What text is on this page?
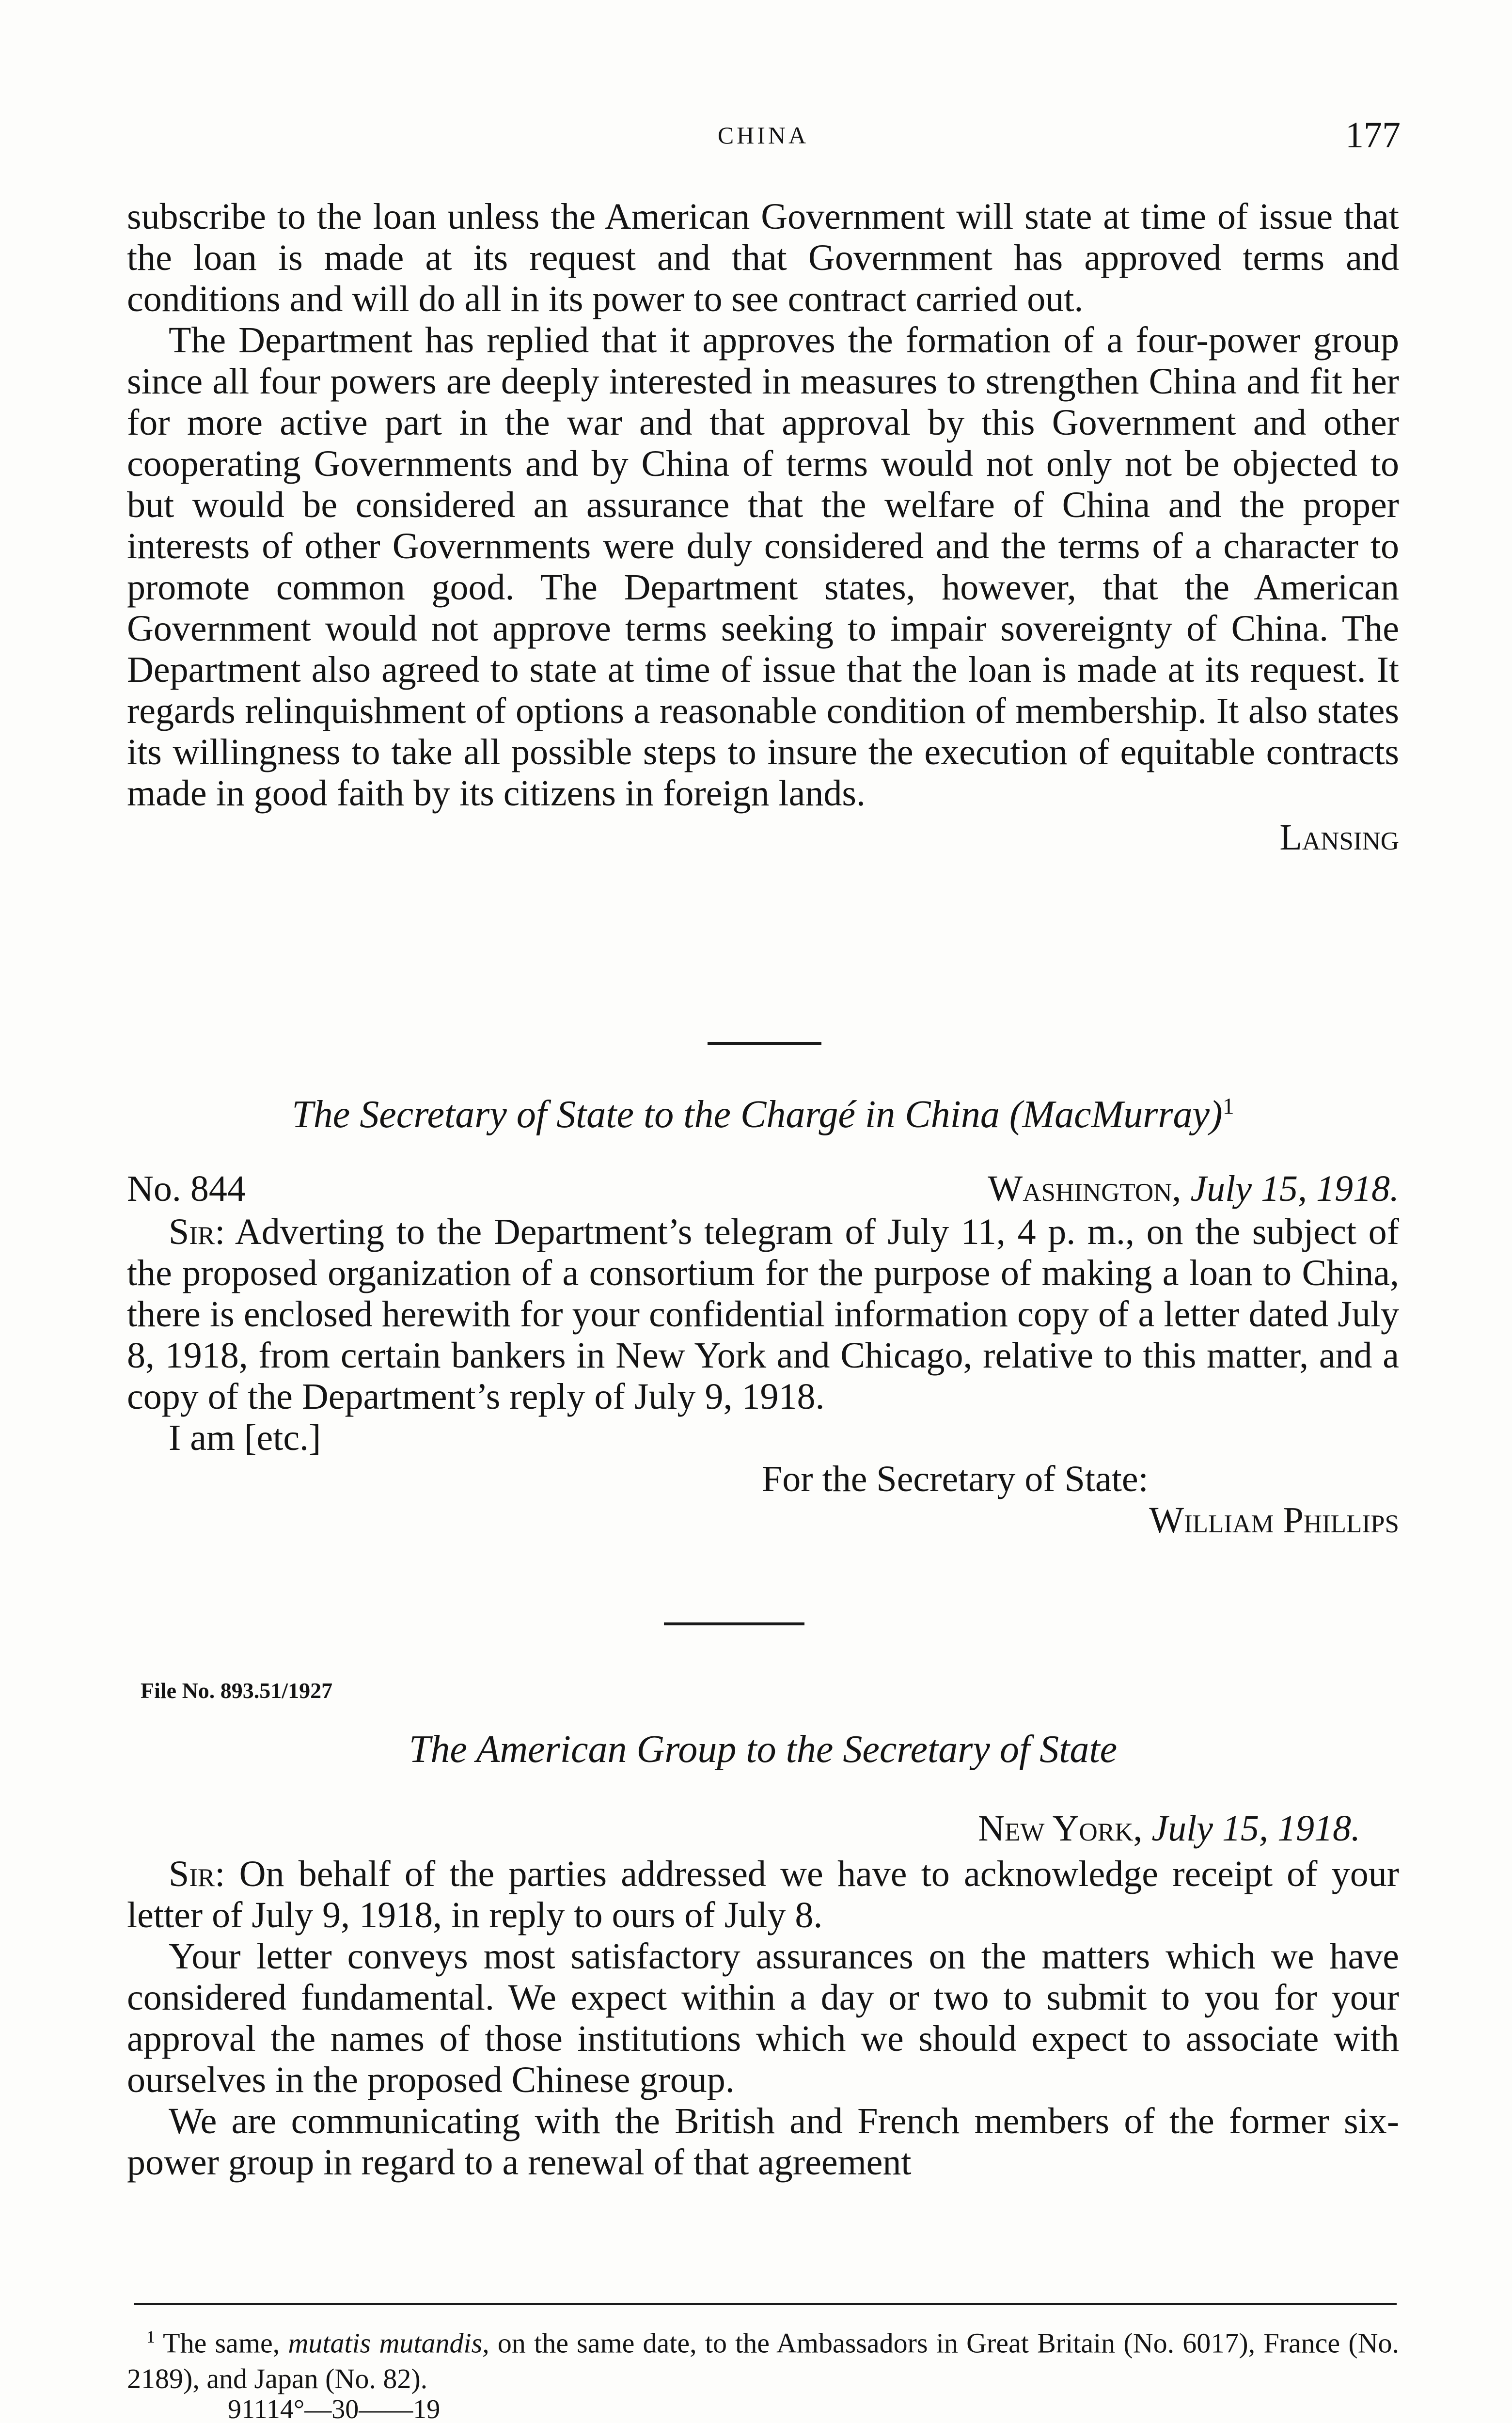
CHINA	177

subscribe to the loan unless the American Government will state at time of issue that the loan is made at its request and that Government has approved terms and conditions and will do all in its power to see contract carried out.

The Department has replied that it approves the formation of a four-power group since all four powers are deeply interested in measures to strengthen China and fit her for more active part in the war and that approval by this Government and other cooperating Governments and by China of terms would not only not be objected to but would be considered an assurance that the welfare of China and the proper interests of other Governments were duly considered and the terms of a character to promote common good. The Department states, however, that the American Government would not approve terms seeking to impair sovereignty of China. The Department also agreed to state at time of issue that the loan is made at its request. It regards relinquishment of options a reasonable condition of membership. It also states its willingness to take all possible steps to insure the execution of equitable contracts made in good faith by its citizens in foreign lands.

Lansing
The Secretary of State to the Chargé in China (MacMurray)$^1$
No. 844	Washington, July 15, 1918.

Sir: Adverting to the Department’s telegram of July 11, 4 p. m., on the subject of the proposed organization of a consortium for the purpose of making a loan to China, there is enclosed herewith for your confidential information copy of a letter dated July 8, 1918, from certain bankers in New York and Chicago, relative to this matter, and a copy of the Department’s reply of July 9, 1918.

I am [etc.]

For the Secretary of State:
William Phillips
File No. 893.51/1927
The American Group to the Secretary of State
New York, July 15, 1918.

Sir: On behalf of the parties addressed we have to acknowledge receipt of your letter of July 9, 1918, in reply to ours of July 8.

Your letter conveys most satisfactory assurances on the matters which we have considered fundamental. We expect within a day or two to submit to you for your approval the names of those institutions which we should expect to associate with ourselves in the proposed Chinese group.

We are communicating with the British and French members of the former six-power group in regard to a renewal of that agreement

$^1$ The same, mutatis mutandis, on the same date, to the Ambassadors in Great Britain (No. 6017), France (No. 2189), and Japan (No. 82).

91114°—30——19
